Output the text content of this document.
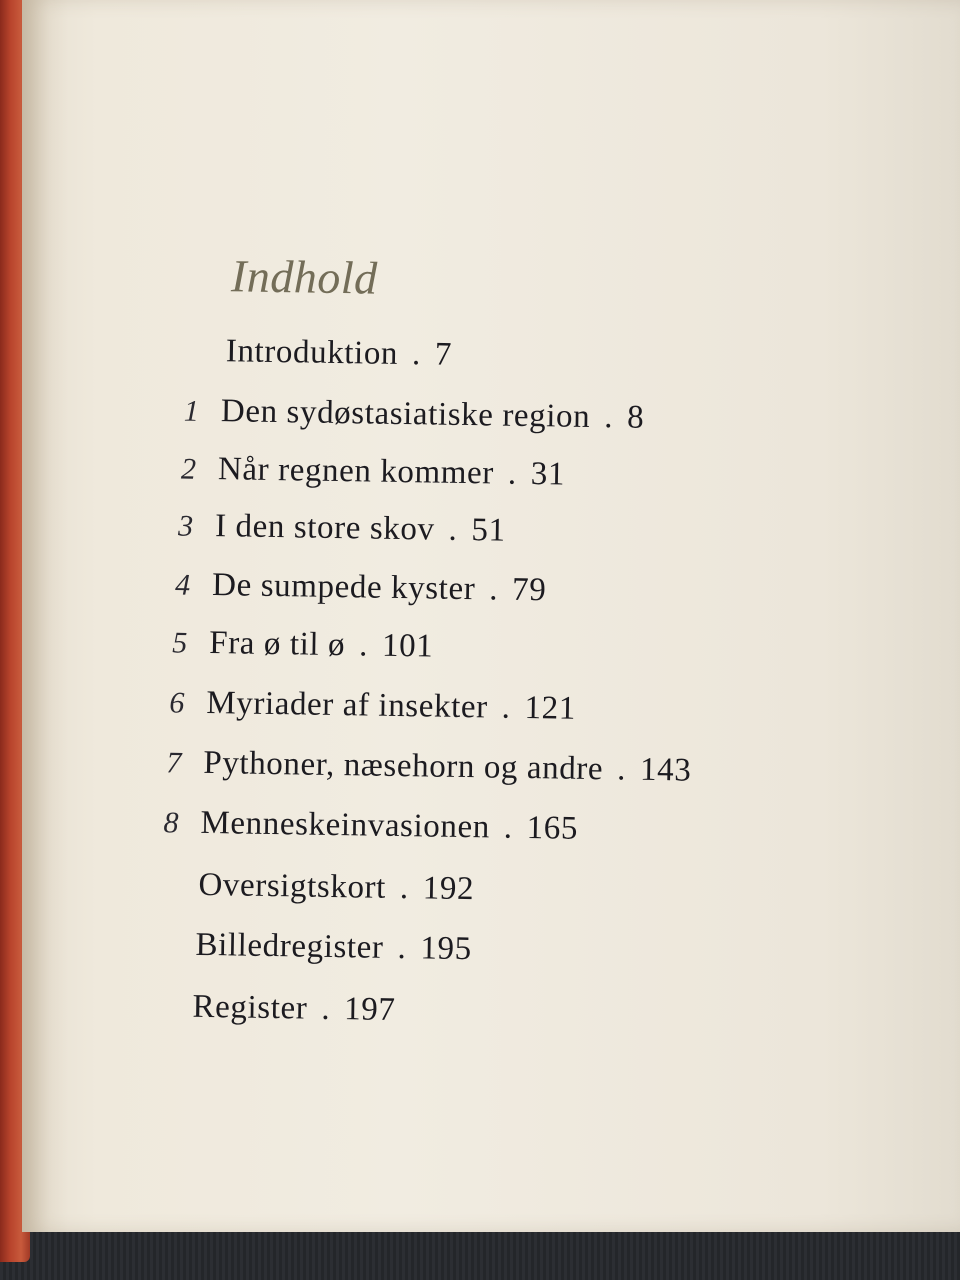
Indhold
Introduktion . 7
1 Den sydøstasiatiske region . 8
2 Når regnen kommer . 31
3 I den store skov . 51
4 De sumpede kyster . 79
5 Fra ø til ø . 101
6 Myriader af insekter . 121
7 Pythoner, næsehorn og andre . 143
8 Menneskeinvasionen . 165
Oversigtskort . 192
Billedregister . 195
Register . 197
